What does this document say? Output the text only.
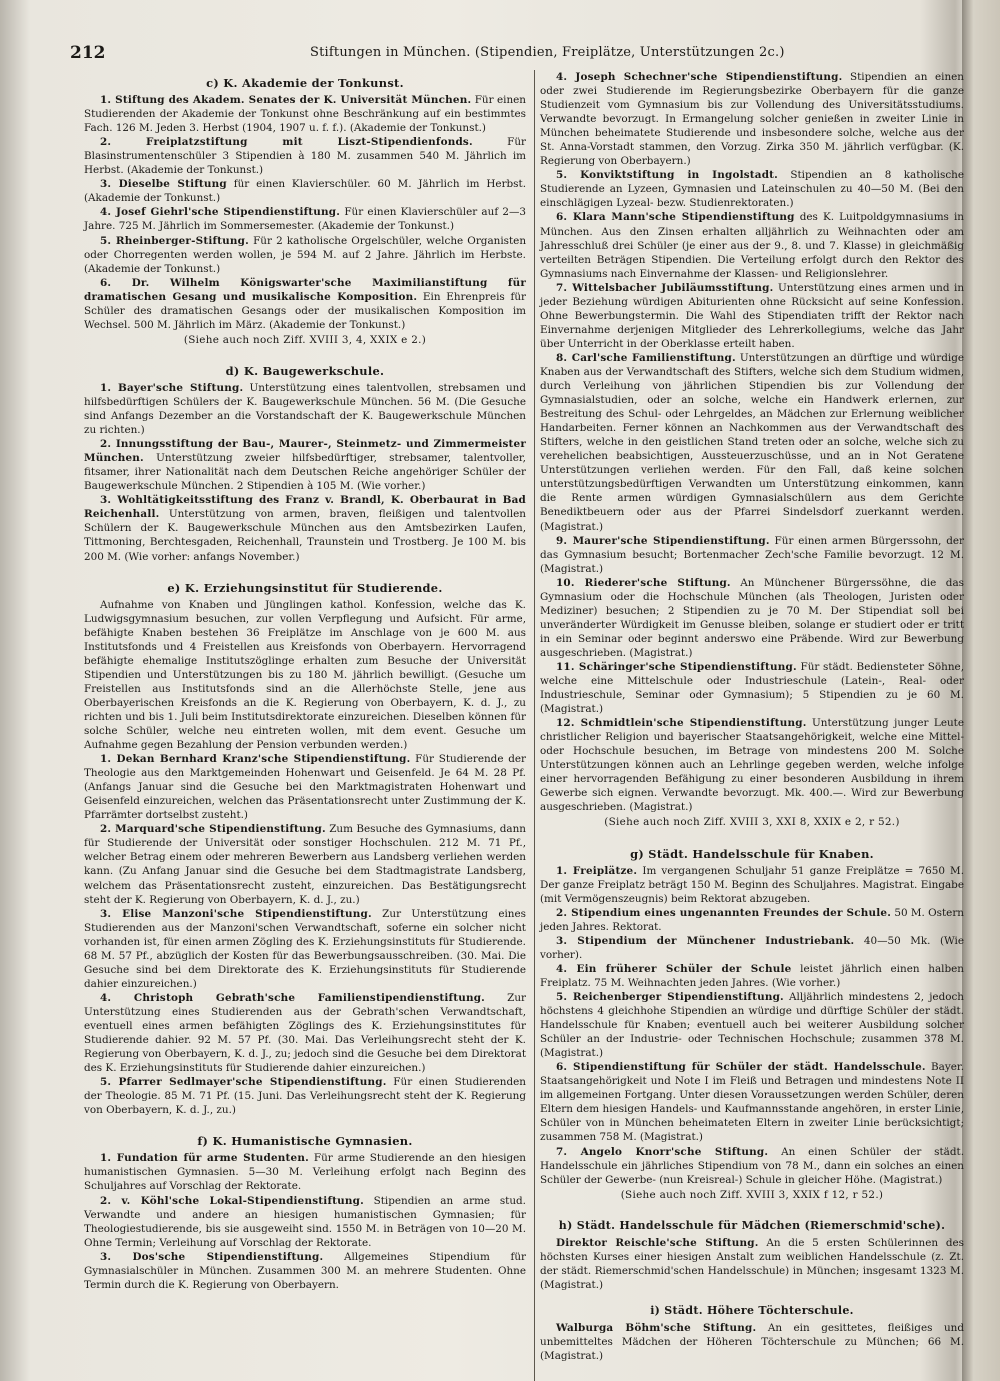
212	Stiftungen in München. (Stipendien, Freiplätze, Unterstützungen 2c.)
c) K. Akademie der Tonkunst.

1. Stiftung des Akadem. Senates der K. Universität München. Für einen Studierenden der Akademie der Tonkunst ohne Beschränkung auf ein bestimmtes Fach. 126 M. Jeden 3. Herbst (1904, 1907 u. f. f.). (Akademie der Tonkunst.)

2. Freiplatzstiftung mit Liszt-Stipendienfonds.	Für Blasinstrumentenschüler 3 Stipendien à 180 M. zusammen 540 M. Jährlich im Herbst. (Akademie der Tonkunst.)

3. Dieselbe Stiftung für einen Klavierschüler. 60 M. Jährlich im Herbst. (Akademie der Tonkunst.)

4. Josef Giehrl'sche Stipendienstiftung. Für einen Klavierschüler auf 2—3 Jahre. 725 M. Jährlich im Sommersemester. (Akademie der Tonkunst.)

5. Rheinberger-Stiftung. Für 2 katholische Orgelschüler, welche Organisten oder Chorregenten werden wollen, je 594 M. auf 2 Jahre. Jährlich im Herbste. (Akademie der Tonkunst.)

6. Dr. Wilhelm Königswarter'sche Maximilianstiftung für dramatischen Gesang und musikalische Komposition. Ein Ehrenpreis für Schüler des dramatischen Gesangs oder der musikalischen Komposition im Wechsel. 500 M. Jährlich im März. (Akademie der Tonkunst.)

(Siehe auch noch Ziff. XVIII 3, 4, XXIX e 2.)

d) K. Baugewerkschule.

1. Bayer'sche Stiftung. Unterstützung eines talentvollen, strebsamen und hilfsbedürftigen Schülers der K. Baugewerkschule München. 56 M. (Die Gesuche sind Anfangs Dezember an die Vorstandschaft der K. Baugewerkschule München zu richten.)

2. Innungsstiftung der Bau-, Maurer-, Steinmetz- und Zimmermeister München. Unterstützung zweier hilfsbedürftiger, strebsamer, talentvoller, fitsamer, ihrer Nationalität nach dem Deutschen Reiche angehöriger Schüler der Baugewerkschule München. 2 Stipendien à 105 M. (Wie vorher.)

3. Wohltätigkeitsstiftung des Franz v. Brandl, K. Oberbaurat in Bad Reichenhall. Unterstützung von armen, braven, fleißigen und talentvollen Schülern der K. Baugewerkschule München aus den Amtsbezirken Laufen, Tittmoning, Berchtesgaden, Reichenhall, Traunstein und Trostberg. Je 100 M. bis 200 M. (Wie vorher: anfangs November.)

e) K. Erziehungsinstitut für Studierende.

Aufnahme von Knaben und Jünglingen kathol. Konfession, welche das K. Ludwigsgymnasium besuchen, zur vollen Verpflegung und Aufsicht. Für arme, befähigte Knaben bestehen 36 Freiplätze im Anschlage von je 600 M. aus Institutsfonds und 4 Freistellen aus Kreisfonds von Oberbayern. Hervorragend befähigte ehemalige Institutszöglinge erhalten zum Besuche der Universität Stipendien und Unterstützungen bis zu 180 M. jährlich bewilligt. (Gesuche um Freistellen aus Institutsfonds sind an die Allerhöchste Stelle, jene aus Oberbayerischen Kreisfonds an die K. Regierung von Oberbayern, K. d. J., zu richten und bis 1. Juli beim Institutsdirektorate einzureichen. Dieselben können für solche Schüler, welche neu eintreten wollen, mit dem event. Gesuche um Aufnahme gegen Bezahlung der Pension verbunden werden.)

1. Dekan Bernhard Kranz'sche Stipendienstiftung. Für Studierende der Theologie aus den Marktgemeinden Hohenwart und Geisenfeld. Je 64 M. 28 Pf. (Anfangs Januar sind die Gesuche bei den Marktmagistraten Hohenwart und Geisenfeld einzureichen, welchen das Präsentationsrecht unter Zustimmung der K. Pfarrämter dortselbst zusteht.)

2. Marquard'sche Stipendienstiftung. Zum Besuche des Gymnasiums, dann für Studierende der Universität oder sonstiger Hochschulen. 212 M. 71 Pf., welcher Betrag einem oder mehreren Bewerbern aus Landsberg verliehen werden kann. (Zu Anfang Januar sind die Gesuche bei dem Stadtmagistrate Landsberg, welchem das Präsentationsrecht zusteht, einzureichen. Das Bestätigungsrecht steht der K. Regierung von Oberbayern, K. d. J., zu.)

3. Elise Manzoni'sche Stipendienstiftung. Zur Unterstützung eines Studierenden aus der Manzoni'schen Verwandtschaft, soferne ein solcher nicht vorhanden ist, für einen armen Zögling des K. Erziehungsinstituts für Studierende. 68 M. 57 Pf., abzüglich der Kosten für das Bewerbungsausschreiben. (30. Mai. Die Gesuche sind bei dem Direktorate des K. Erziehungsinstituts für Studierende dahier einzureichen.)

4. Christoph Gebrath'sche Familienstipendienstiftung. Zur Unterstützung eines Studierenden aus der Gebrath'schen Verwandtschaft, eventuell eines armen befähigten Zöglings des K. Erziehungsinstitutes für Studierende dahier. 92 M. 57 Pf. (30. Mai. Das Verleihungsrecht steht der K. Regierung von Oberbayern, K. d. J., zu; jedoch sind die Gesuche bei dem Direktorat des K. Erziehungsinstituts für Studierende dahier einzureichen.)

5. Pfarrer Sedlmayer'sche Stipendienstiftung. Für einen Studierenden der Theologie. 85 M. 71 Pf. (15. Juni. Das Verleihungsrecht steht der K. Regierung von Oberbayern, K. d. J., zu.)

f) K. Humanistische Gymnasien.

1. Fundation für arme Studenten. Für arme Studierende an den hiesigen humanistischen Gymnasien. 5—30 M. Verleihung erfolgt nach Beginn des Schuljahres auf Vorschlag der Rektorate.

2. v. Köhl'sche Lokal-Stipendienstiftung. Stipendien an arme stud. Verwandte und andere an hiesigen humanistischen Gymnasien; für Theologiestudierende, bis sie ausgeweiht sind. 1550 M. in Beträgen von 10—20 M. Ohne Termin; Verleihung auf Vorschlag der Rektorate.

3. Dos'sche Stipendienstiftung. Allgemeines Stipendium für Gymnasialschüler in München. Zusammen 300 M. an mehrere Studenten. Ohne Termin durch die K. Regierung von Oberbayern.

4. Joseph Schechner'sche Stipendienstiftung. Stipendien an einen oder zwei Studierende im Regierungsbezirke Oberbayern für die ganze Studienzeit vom Gymnasium bis zur Vollendung des Universitätsstudiums. Verwandte bevorzugt. In Ermangelung solcher genießen in zweiter Linie in München beheimatete Studierende und insbesondere solche, welche aus der St. Anna-Vorstadt stammen, den Vorzug. Zirka 350 M. jährlich verfügbar. (K. Regierung von Oberbayern.)

5. Konviktstiftung in Ingolstadt. Stipendien an 8 katholische Studierende an Lyzeen, Gymnasien und Lateinschulen zu 40—50 M. (Bei den einschlägigen Lyzeal- bezw. Studienrektoraten.)

6. Klara Mann'sche Stipendienstiftung des K. Luitpoldgymnasiums in München. Aus den Zinsen erhalten alljährlich zu Weihnachten oder am Jahresschluß drei Schüler (je einer aus der 9., 8. und 7. Klasse) in gleichmäßig verteilten Beträgen Stipendien. Die Verteilung erfolgt durch den Rektor des Gymnasiums nach Einvernahme der Klassen- und Religionslehrer.

7. Wittelsbacher Jubiläumsstiftung. Unterstützung eines armen und in jeder Beziehung würdigen Abiturienten ohne Rücksicht auf seine Konfession. Ohne Bewerbungstermin. Die Wahl des Stipendiaten trifft der Rektor nach Einvernahme derjenigen Mitglieder des Lehrerkollegiums, welche das Jahr über Unterricht in der Oberklasse erteilt haben.

8. Carl'sche Familienstiftung. Unterstützungen an dürftige und würdige Knaben aus der Verwandtschaft des Stifters, welche sich dem Studium widmen, durch Verleihung von jährlichen Stipendien bis zur Vollendung der Gymnasialstudien, oder an solche, welche ein Handwerk erlernen, zur Bestreitung des Schul- oder Lehrgeldes, an Mädchen zur Erlernung weiblicher Handarbeiten. Ferner können an Nachkommen aus der Verwandtschaft des Stifters, welche in den geistlichen Stand treten oder an solche, welche sich zu verehelichen beabsichtigen, Aussteuerzuschüsse, und an in Not Geratene Unterstützungen verliehen werden. Für den Fall, daß keine solchen unterstützungsbedürftigen Verwandten um Unterstützung einkommen, kann die Rente armen würdigen Gymnasialschülern aus dem Gerichte Benediktbeuern oder aus der Pfarrei Sindelsdorf zuerkannt werden. (Magistrat.)

9. Maurer'sche Stipendienstiftung. Für einen armen Bürgerssohn, der das Gymnasium besucht; Bortenmacher Zech'sche Familie bevorzugt. 12 M. (Magistrat.)

10. Riederer'sche Stiftung. An Münchener Bürgerssöhne, die das Gymnasium oder die Hochschule München (als Theologen, Juristen oder Mediziner) besuchen; 2 Stipendien zu je 70 M. Der Stipendiat soll bei unveränderter Würdigkeit im Genusse bleiben, solange er studiert oder er tritt in ein Seminar oder beginnt anderswo eine Präbende. Wird zur Bewerbung ausgeschrieben. (Magistrat.)

11. Schäringer'sche Stipendienstiftung. Für städt. Bediensteter Söhne, welche eine Mittelschule oder Industrieschule (Latein-, Real- oder Industrieschule, Seminar oder Gymnasium); 5 Stipendien zu je 60 M. (Magistrat.)

12. Schmidtlein'sche Stipendienstiftung. Unterstützung junger Leute christlicher Religion und bayerischer Staatsangehörigkeit, welche eine Mittel- oder Hochschule besuchen, im Betrage von mindestens 200 M. Solche Unterstützungen können auch an Lehrlinge gegeben werden, welche infolge einer hervorragenden Befähigung zu einer besonderen Ausbildung in ihrem Gewerbe sich eignen. Verwandte bevorzugt. Mk. 400.—. Wird zur Bewerbung ausgeschrieben. (Magistrat.)

(Siehe auch noch Ziff. XVIII 3, XXI 8, XXIX e 2, r 52.)

g) Städt. Handelsschule für Knaben.

1. Freiplätze. Im vergangenen Schuljahr 51 ganze Freiplätze = 7650 M. Der ganze Freiplatz beträgt 150 M. Beginn des Schuljahres. Magistrat. Eingabe (mit Vermögenszeugnis) beim Rektorat abzugeben.

2. Stipendium eines ungenannten Freundes der Schule. 50 M. Ostern jeden Jahres. Rektorat.

3. Stipendium der Münchener Industriebank. 40—50 Mk. (Wie vorher).

4. Ein früherer Schüler der Schule leistet jährlich einen halben Freiplatz. 75 M. Weihnachten jeden Jahres. (Wie vorher.)

5. Reichenberger Stipendienstiftung. Alljährlich mindestens 2, jedoch höchstens 4 gleichhohe Stipendien an würdige und dürftige Schüler der städt. Handelsschule für Knaben; eventuell auch bei weiterer Ausbildung solcher Schüler an der Industrie- oder Technischen Hochschule; zusammen 378 M. (Magistrat.)

6. Stipendienstiftung für Schüler der städt. Handelsschule. Bayer. Staatsangehörigkeit und Note I im Fleiß und Betragen und mindestens Note II im allgemeinen Fortgang. Unter diesen Voraussetzungen werden Schüler, deren Eltern dem hiesigen Handels- und Kaufmannsstande angehören, in erster Linie, Schüler von in München beheimateten Eltern in zweiter Linie berücksichtigt; zusammen 758 M. (Magistrat.)

7. Angelo Knorr'sche Stiftung. An einen Schüler der städt. Handelsschule ein jährliches Stipendium von 78 M., dann ein solches an einen Schüler der Gewerbe- (nun Kreisreal-) Schule in gleicher Höhe. (Magistrat.)

(Siehe auch noch Ziff. XVIII 3, XXIX f 12, r 52.)

h) Städt. Handelsschule für Mädchen (Riemerschmid'sche).

Direktor Reischle'sche Stiftung. An die 5 ersten Schülerinnen des höchsten Kurses einer hiesigen Anstalt zum weiblichen Handelsschule (z. Zt. der städt. Riemerschmid'schen Handelsschule) in München; insgesamt 1323 M. (Magistrat.)

i) Städt. Höhere Töchterschule.

Walburga Böhm'sche Stiftung. An ein gesittetes, fleißiges und unbemitteltes Mädchen der Höheren Töchterschule zu München; 66 M. (Magistrat.)
